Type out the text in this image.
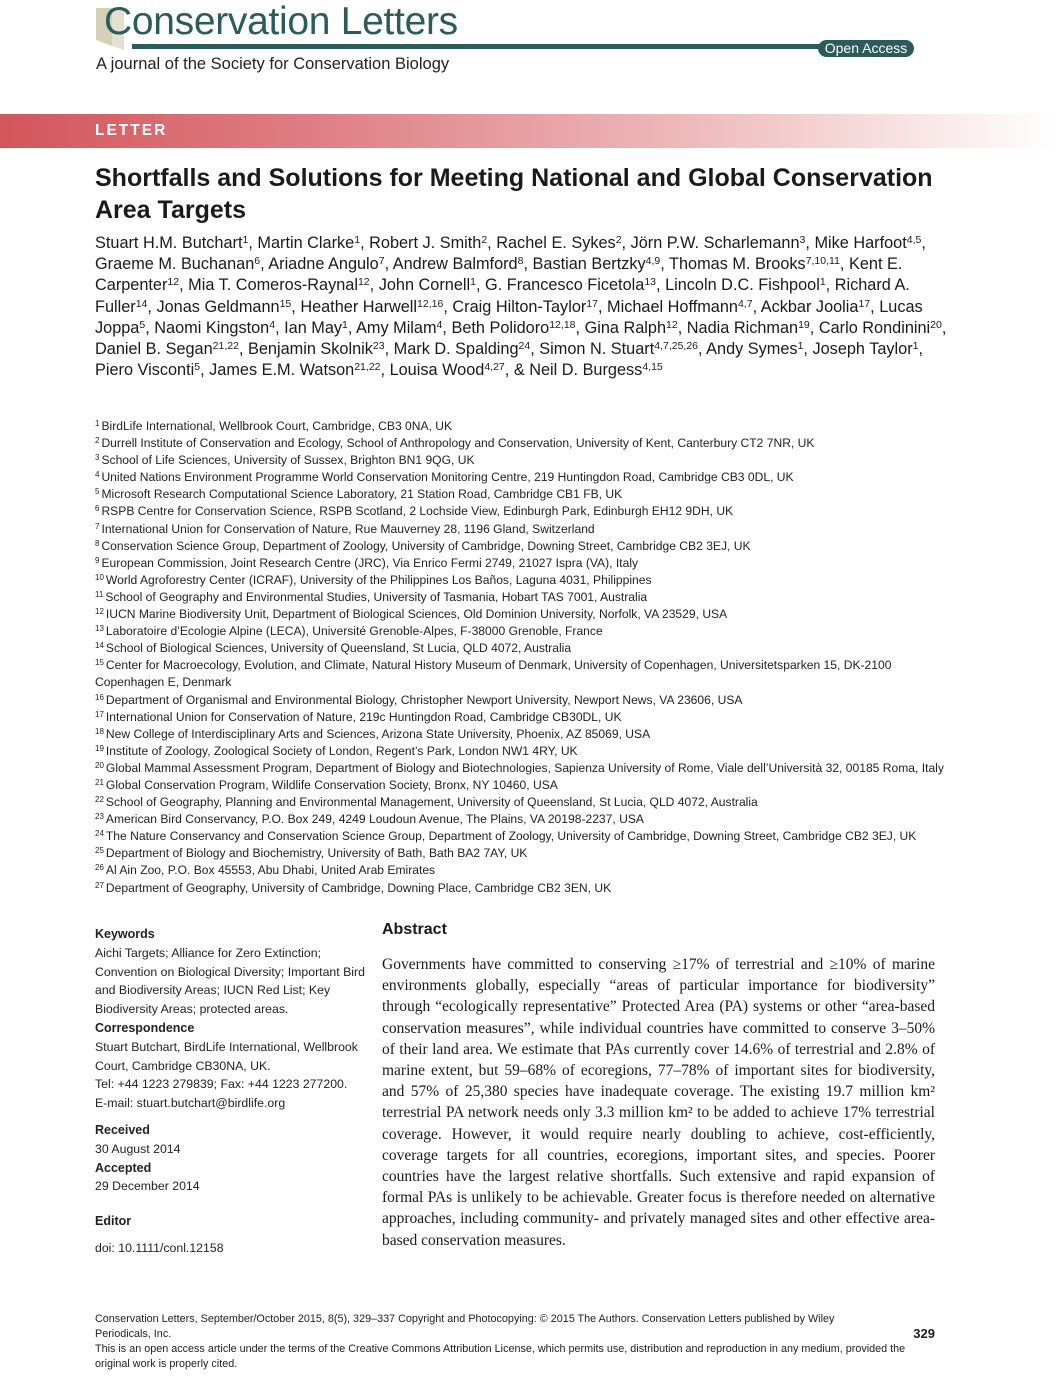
Conservation Letters
Open Access
A journal of the Society for Conservation Biology
LETTER
Shortfalls and Solutions for Meeting National and Global Conservation Area Targets
Stuart H.M. Butchart$^1$, Martin Clarke$^1$, Robert J. Smith$^2$, Rachel E. Sykes$^2$, Jörn P.W. Scharlemann$^3$, Mike Harfoot$^{4,5}$, Graeme M. Buchanan$^6$, Ariadne Angulo$^7$, Andrew Balmford$^8$, Bastian Bertzky$^{4,9}$, Thomas M. Brooks$^{7,10,11}$, Kent E. Carpenter$^{12}$, Mia T. Comeros-Raynal$^{12}$, John Cornell$^1$, G. Francesco Ficetola$^{13}$, Lincoln D.C. Fishpool$^1$, Richard A. Fuller$^{14}$, Jonas Geldmann$^{15}$, Heather Harwell$^{12,16}$, Craig Hilton-Taylor$^{17}$, Michael Hoffmann$^{4,7}$, Ackbar Joolia$^{17}$, Lucas Joppa$^5$, Naomi Kingston$^4$, Ian May$^1$, Amy Milam$^4$, Beth Polidoro$^{12,18}$, Gina Ralph$^{12}$, Nadia Richman$^{19}$, Carlo Rondinini$^{20}$, Daniel B. Segan$^{21,22}$, Benjamin Skolnik$^{23}$, Mark D. Spalding$^{24}$, Simon N. Stuart$^{4,7,25,26}$, Andy Symes$^1$, Joseph Taylor$^1$, Piero Visconti$^5$, James E.M. Watson$^{21,22}$, Louisa Wood$^{4,27}$, & Neil D. Burgess$^{4,15}$
$^1$ BirdLife International, Wellbrook Court, Cambridge, CB3 0NA, UK
$^2$ Durrell Institute of Conservation and Ecology, School of Anthropology and Conservation, University of Kent, Canterbury CT2 7NR, UK
$^3$ School of Life Sciences, University of Sussex, Brighton BN1 9QG, UK
$^4$ United Nations Environment Programme World Conservation Monitoring Centre, 219 Huntingdon Road, Cambridge CB3 0DL, UK
$^5$ Microsoft Research Computational Science Laboratory, 21 Station Road, Cambridge CB1 FB, UK
$^6$ RSPB Centre for Conservation Science, RSPB Scotland, 2 Lochside View, Edinburgh Park, Edinburgh EH12 9DH, UK
$^7$ International Union for Conservation of Nature, Rue Mauverney 28, 1196 Gland, Switzerland
$^8$ Conservation Science Group, Department of Zoology, University of Cambridge, Downing Street, Cambridge CB2 3EJ, UK
$^9$ European Commission, Joint Research Centre (JRC), Via Enrico Fermi 2749, 21027 Ispra (VA), Italy
$^{10}$ World Agroforestry Center (ICRAF), University of the Philippines Los Baños, Laguna 4031, Philippines
$^{11}$ School of Geography and Environmental Studies, University of Tasmania, Hobart TAS 7001, Australia
$^{12}$ IUCN Marine Biodiversity Unit, Department of Biological Sciences, Old Dominion University, Norfolk, VA 23529, USA
$^{13}$ Laboratoire d’Ecologie Alpine (LECA), Université Grenoble-Alpes, F-38000 Grenoble, France
$^{14}$ School of Biological Sciences, University of Queensland, St Lucia, QLD 4072, Australia
$^{15}$ Center for Macroecology, Evolution, and Climate, Natural History Museum of Denmark, University of Copenhagen, Universitetsparken 15, DK-2100 Copenhagen E, Denmark
$^{16}$ Department of Organismal and Environmental Biology, Christopher Newport University, Newport News, VA 23606, USA
$^{17}$ International Union for Conservation of Nature, 219c Huntingdon Road, Cambridge CB30DL, UK
$^{18}$ New College of Interdisciplinary Arts and Sciences, Arizona State University, Phoenix, AZ 85069, USA
$^{19}$ Institute of Zoology, Zoological Society of London, Regent’s Park, London NW1 4RY, UK
$^{20}$ Global Mammal Assessment Program, Department of Biology and Biotechnologies, Sapienza University of Rome, Viale dell’Università 32, 00185 Roma, Italy
$^{21}$ Global Conservation Program, Wildlife Conservation Society, Bronx, NY 10460, USA
$^{22}$ School of Geography, Planning and Environmental Management, University of Queensland, St Lucia, QLD 4072, Australia
$^{23}$ American Bird Conservancy, P.O. Box 249, 4249 Loudoun Avenue, The Plains, VA 20198-2237, USA
$^{24}$ The Nature Conservancy and Conservation Science Group, Department of Zoology, University of Cambridge, Downing Street, Cambridge CB2 3EJ, UK
$^{25}$ Department of Biology and Biochemistry, University of Bath, Bath BA2 7AY, UK
$^{26}$ Al Ain Zoo, P.O. Box 45553, Abu Dhabi, United Arab Emirates
$^{27}$ Department of Geography, University of Cambridge, Downing Place, Cambridge CB2 3EN, UK
Keywords
Aichi Targets; Alliance for Zero Extinction; Convention on Biological Diversity; Important Bird and Biodiversity Areas; IUCN Red List; Key Biodiversity Areas; protected areas.
Correspondence
Stuart Butchart, BirdLife International, Wellbrook Court, Cambridge CB30NA, UK.
Tel: +44 1223 279839; Fax: +44 1223 277200.
E-mail: stuart.butchart@birdlife.org
Received
30 August 2014
Accepted
29 December 2014
Editor
doi: 10.1111/conl.12158
Abstract
Governments have committed to conserving ≥17% of terrestrial and ≥10% of marine environments globally, especially “areas of particular importance for biodiversity” through “ecologically representative” Protected Area (PA) systems or other “area-based conservation measures”, while individual countries have committed to conserve 3–50% of their land area. We estimate that PAs currently cover 14.6% of terrestrial and 2.8% of marine extent, but 59–68% of ecoregions, 77–78% of important sites for biodiversity, and 57% of 25,380 species have inadequate coverage. The existing 19.7 million km² terrestrial PA network needs only 3.3 million km² to be added to achieve 17% terrestrial coverage. However, it would require nearly doubling to achieve, cost-efficiently, coverage targets for all countries, ecoregions, important sites, and species. Poorer countries have the largest relative shortfalls. Such extensive and rapid expansion of formal PAs is unlikely to be achievable. Greater focus is therefore needed on alternative approaches, including community- and privately managed sites and other effective area-based conservation measures.
Conservation Letters, September/October 2015, 8(5), 329–337 Copyright and Photocopying: © 2015 The Authors. Conservation Letters published by Wiley Periodicals, Inc.	329
This is an open access article under the terms of the Creative Commons Attribution License, which permits use, distribution and reproduction in any medium, provided the original work is properly cited.
